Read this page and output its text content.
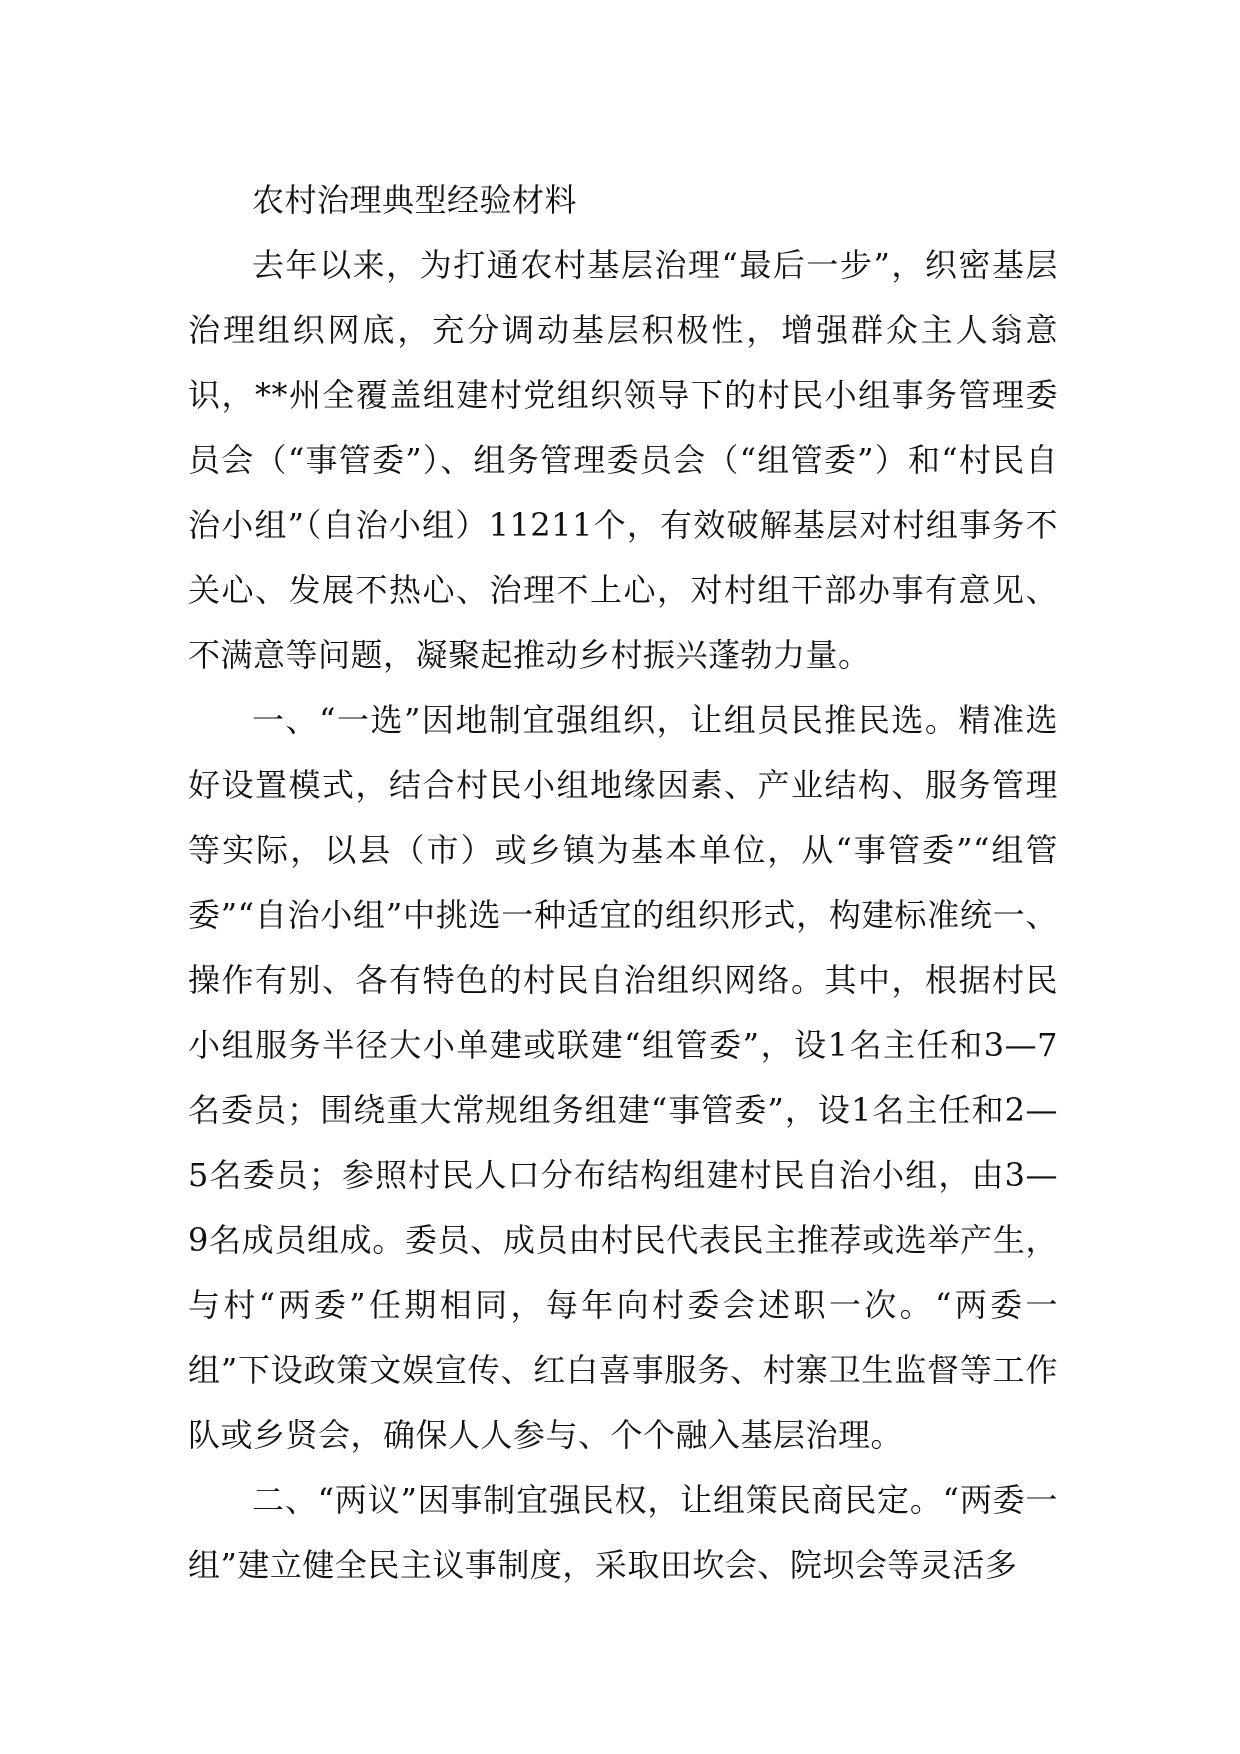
农村治理典型经验材料

去年以来，为打通农村基层治理“最后一步”，织密基层治理组织网底，充分调动基层积极性，增强群众主人翁意识，**州全覆盖组建村党组织领导下的村民小组事务管理委员会（“事管委”）、组务管理委员会（“组管委”）和“村民自治小组”（自治小组）11211个，有效破解基层对村组事务不关心、发展不热心、治理不上心，对村组干部办事有意见、不满意等问题，凝聚起推动乡村振兴蓬勃力量。

一、“一选”因地制宜强组织，让组员民推民选。精准选好设置模式，结合村民小组地缘因素、产业结构、服务管理等实际，以县（市）或乡镇为基本单位，从“事管委”“组管委”“自治小组”中挑选一种适宜的组织形式，构建标准统一、操作有别、各有特色的村民自治组织网络。其中，根据村民小组服务半径大小单建或联建“组管委”，设1名主任和3—7名委员；围绕重大常规组务组建“事管委”，设1名主任和2—5名委员；参照村民人口分布结构组建村民自治小组，由3—9名成员组成。委员、成员由村民代表民主推荐或选举产生，与村“两委”任期相同，每年向村委会述职一次。“两委一组”下设政策文娱宣传、红白喜事服务、村寨卫生监督等工作队或乡贤会，确保人人参与、个个融入基层治理。

二、“两议”因事制宜强民权，让组策民商民定。“两委一组”建立健全民主议事制度，采取田坎会、院坝会等灵活多
